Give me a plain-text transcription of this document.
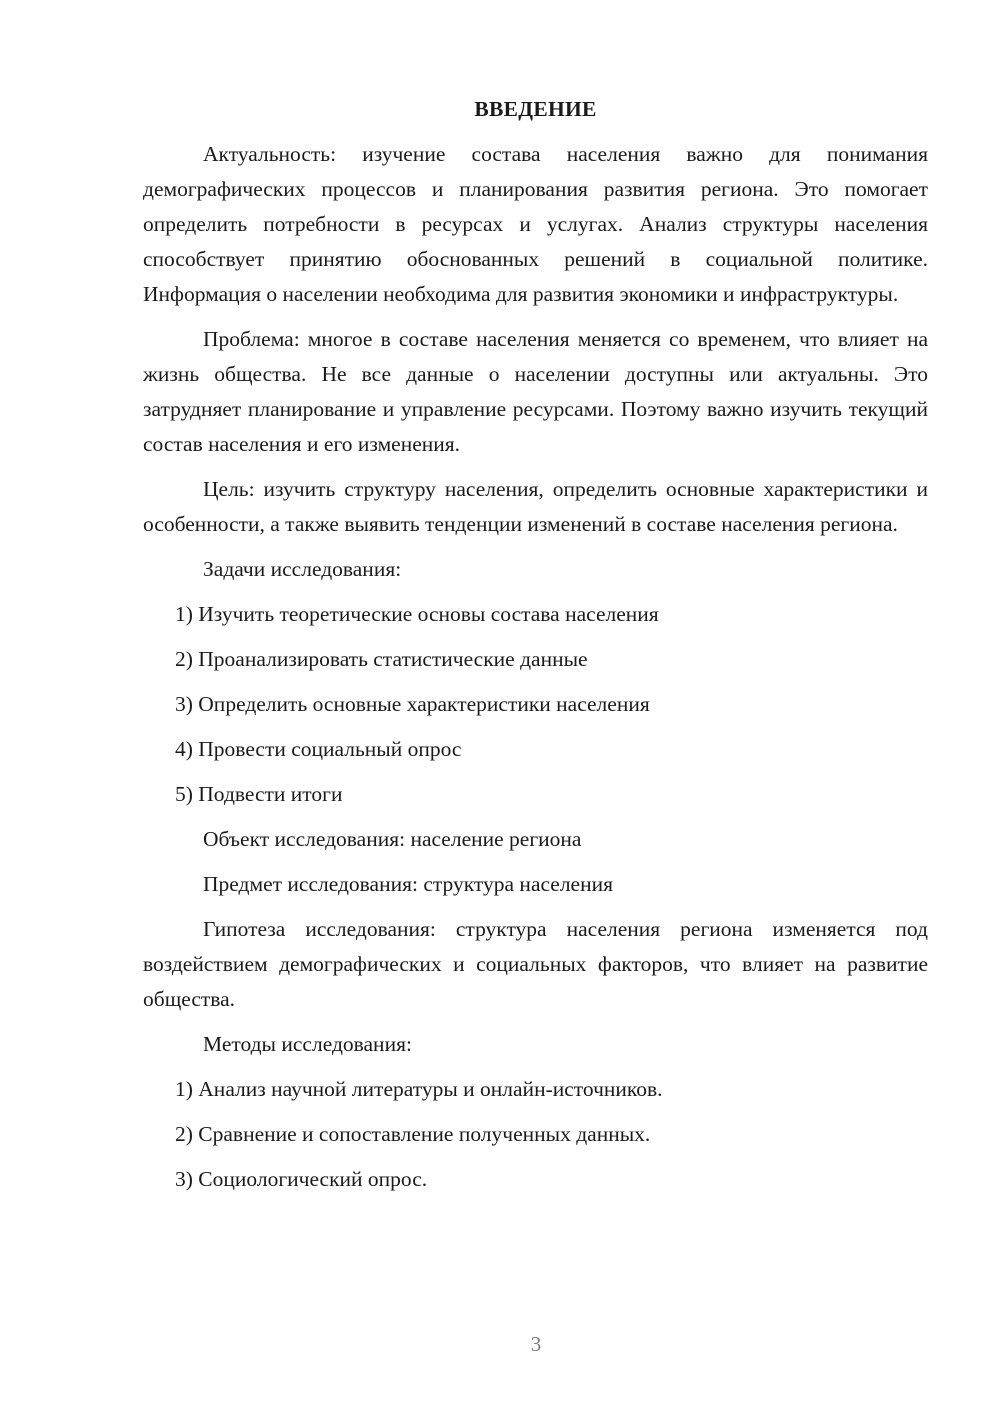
ВВЕДЕНИЕ

Актуальность: изучение состава населения важно для понимания демографических процессов и планирования развития региона. Это помогает определить потребности в ресурсах и услугах. Анализ структуры населения способствует принятию обоснованных решений в социальной политике. Информация о населении необходима для развития экономики и инфраструктуры.

Проблема: многое в составе населения меняется со временем, что влияет на жизнь общества. Не все данные о населении доступны или актуальны. Это затрудняет планирование и управление ресурсами. Поэтому важно изучить текущий состав населения и его изменения.

Цель: изучить структуру населения, определить основные характеристики и особенности, а также выявить тенденции изменений в составе населения региона.

Задачи исследования:
1) Изучить теоретические основы состава населения
2) Проанализировать статистические данные
3) Определить основные характеристики населения
4) Провести социальный опрос
5) Подвести итоги
Объект исследования: население региона
Предмет исследования: структура населения

Гипотеза исследования: структура населения региона изменяется под воздействием демографических и социальных факторов, что влияет на развитие общества.

Методы исследования:
1) Анализ научной литературы и онлайн-источников.
2) Сравнение и сопоставление полученных данных.
3) Социологический опрос.
3
